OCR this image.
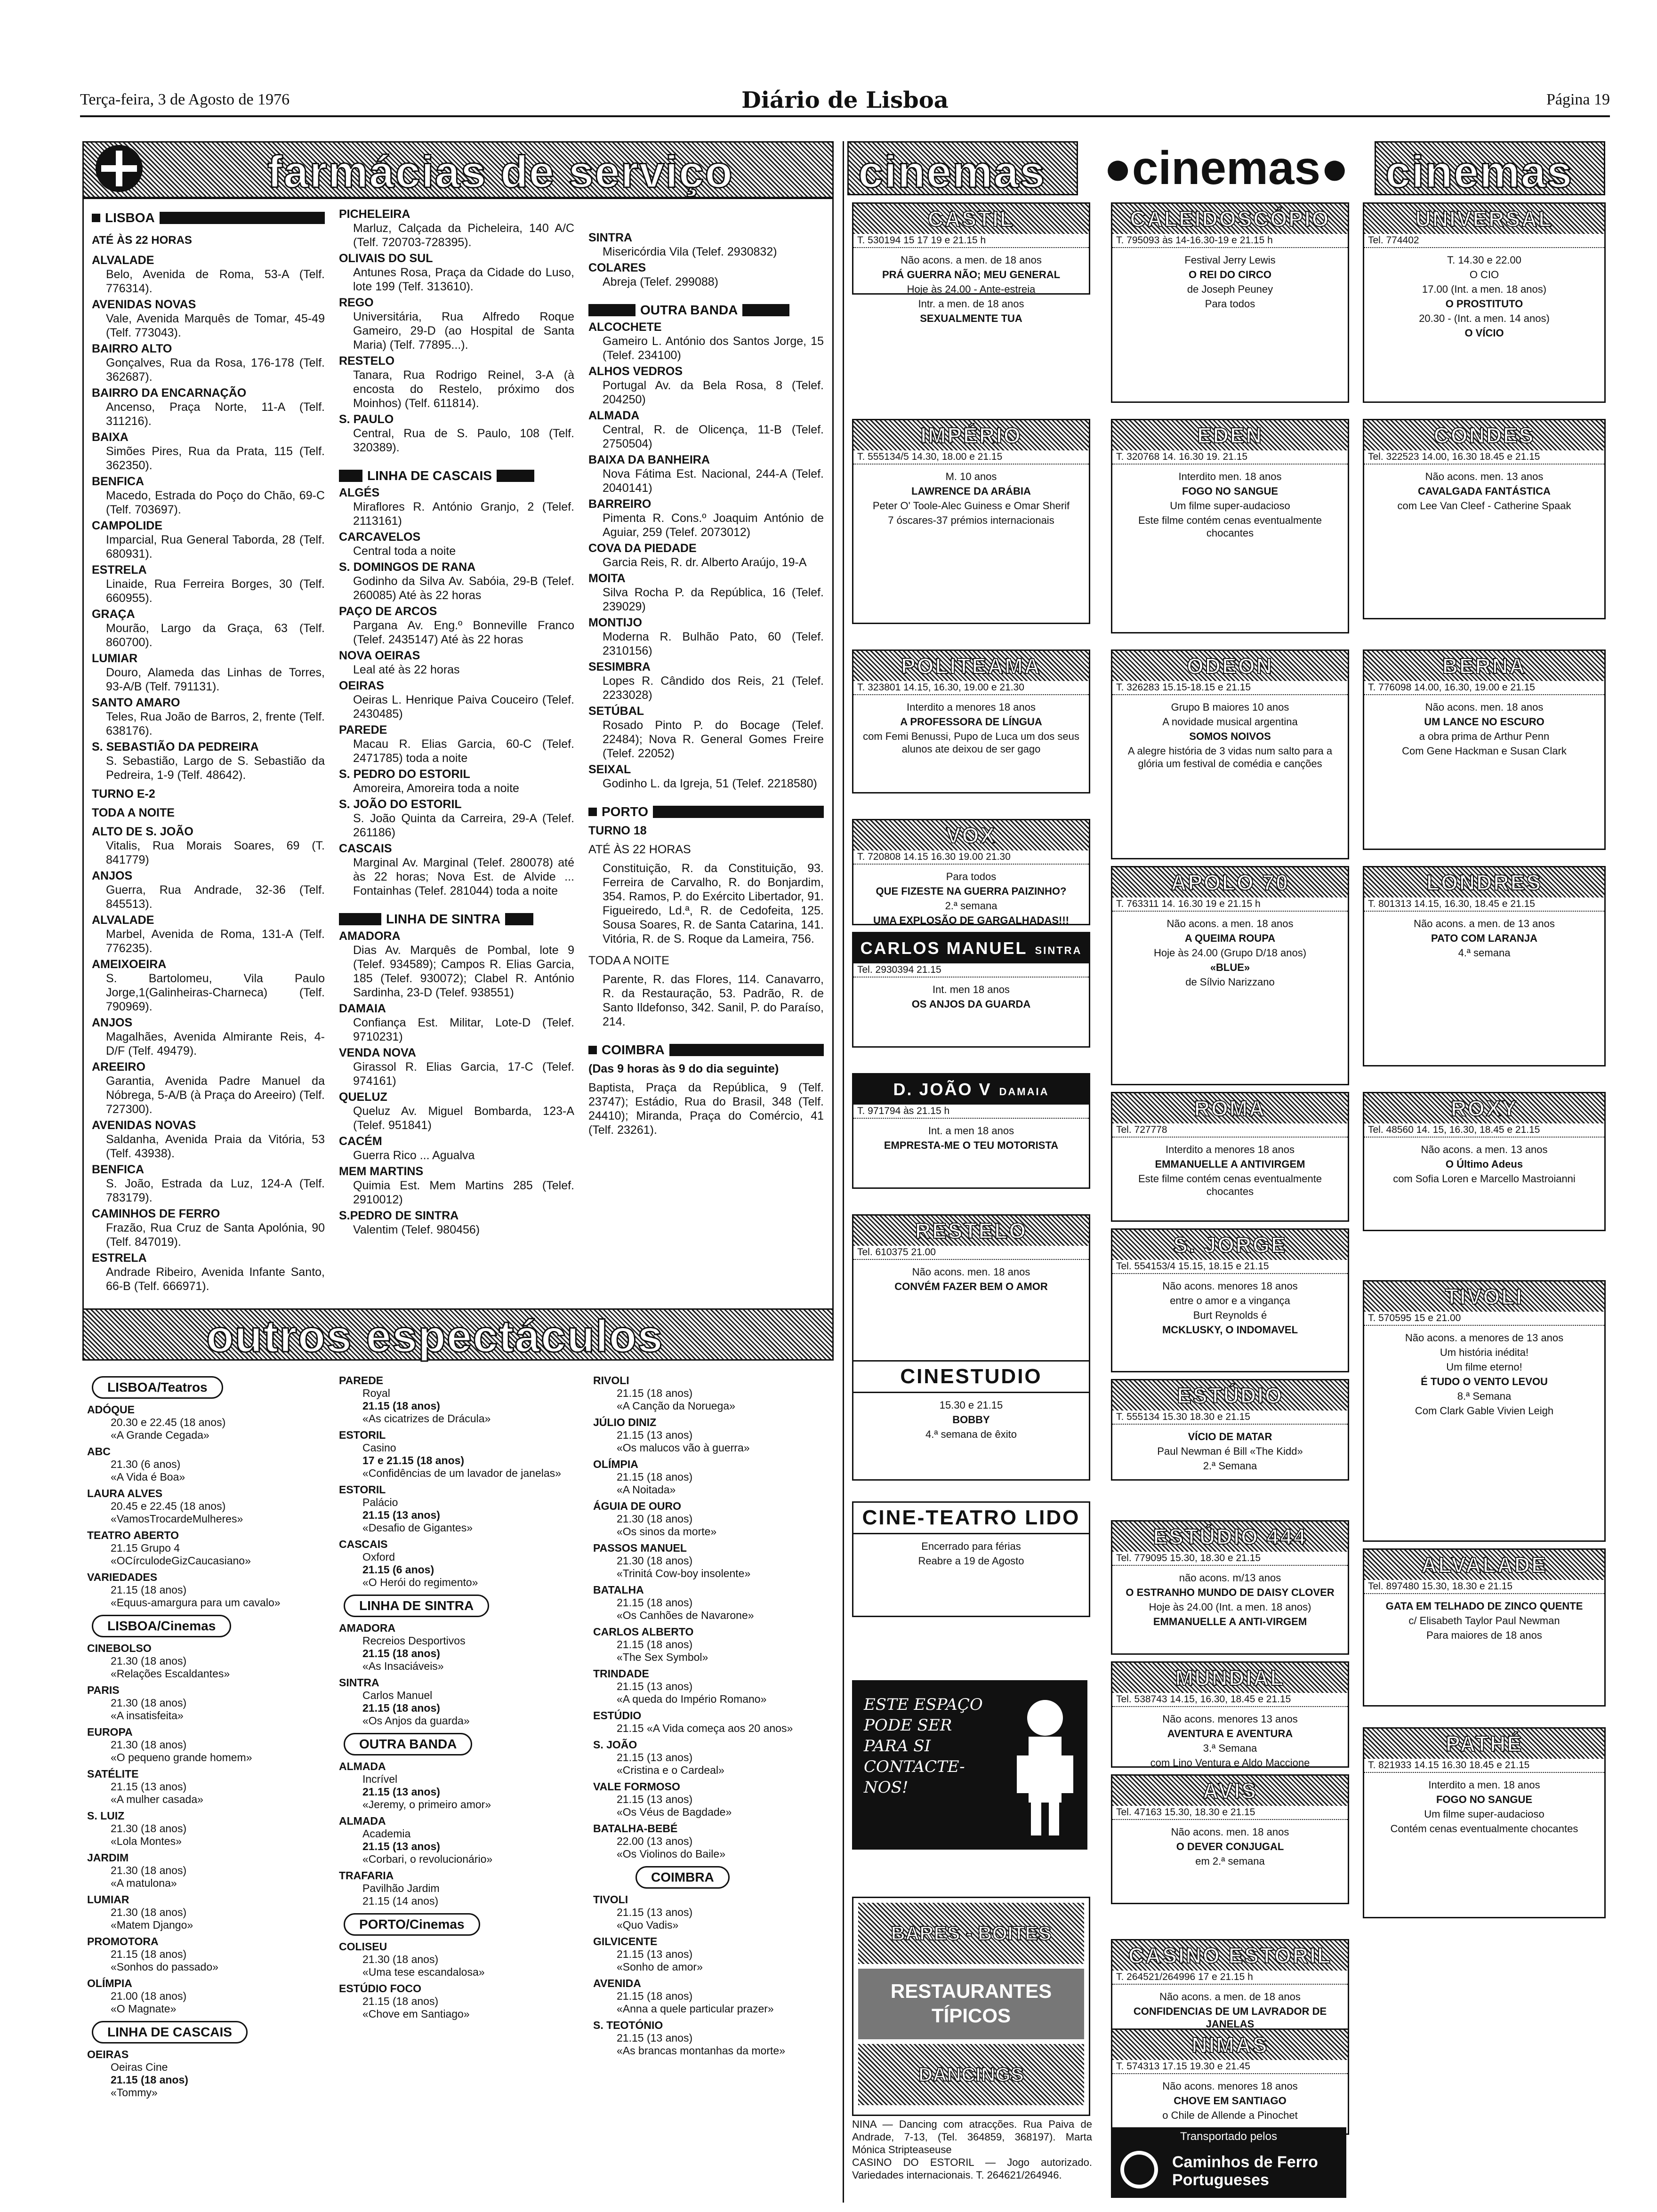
Terça-feira, 3 de Agosto de 1976	Diário de Lisboa	Página 19
farmácias de serviço
LISBOA
ATÉ ÀS 22 HORAS
ALVALADE
Belo, Avenida de Roma, 53-A (Telf. 776314).
AVENIDAS NOVAS
Vale, Avenida Marquês de Tomar, 45-49 (Telf. 773043).
BAIRRO ALTO
Gonçalves, Rua da Rosa, 176-178 (Telf. 362687).
BAIRRO DA ENCARNAÇÃO
Ancenso, Praça Norte, 11-A (Telf. 311216).
BAIXA
Simões Pires, Rua da Prata, 115 (Telf. 362350).
BENFICA
Macedo, Estrada do Poço do Chão, 69-C (Telf. 703697).
CAMPOLIDE
Imparcial, Rua General Taborda, 28 (Telf. 680931).
ESTRELA
Linaide, Rua Ferreira Borges, 30 (Telf. 660955).
GRAÇA
Mourão, Largo da Graça, 63 (Telf. 860700).
LUMIAR
Douro, Alameda das Linhas de Torres, 93-A/B (Telf. 791131).
SANTO AMARO
Teles, Rua João de Barros, 2, frente (Telf. 638176).
S. SEBASTIÃO DA PEDREIRA
S. Sebastião, Largo de S. Sebastião da Pedreira, 1-9 (Telf. 48642).
TURNO E-2
TODA A NOITE
ALTO DE S. JOÃO
Vitalis, Rua Morais Soares, 69 (T. 841779)
ANJOS
Guerra, Rua Andrade, 32-36 (Telf. 845513).
ALVALADE
Marbel, Avenida de Roma, 131-A (Telf. 776235).
AMEIXOEIRA
S. Bartolomeu, Vila Paulo Jorge,1(Galinheiras-Charneca) (Telf. 790969).
ANJOS
Magalhães, Avenida Almirante Reis, 4-D/F (Telf. 49479).
AREEIRO
Garantia, Avenida Padre Manuel da Nóbrega, 5-A/B (à Praça do Areeiro) (Telf. 727300).
AVENIDAS NOVAS
Saldanha, Avenida Praia da Vitória, 53 (Telf. 43938).
BENFICA
S. João, Estrada da Luz, 124-A (Telf. 783179).
CAMINHOS DE FERRO
Frazão, Rua Cruz de Santa Apolónia, 90 (Telf. 847019).
ESTRELA
Andrade Ribeiro, Avenida Infante Santo, 66-B (Telf. 666971).
PICHELEIRA
Marluz, Calçada da Picheleira, 140 A/C (Telf. 720703-728395).
OLIVAIS DO SUL
Antunes Rosa, Praça da Cidade do Luso, lote 199 (Telf. 313610).
REGO
Universitária, Rua Alfredo Roque Gameiro, 29-D (ao Hospital de Santa Maria) (Telf. 77895...).
RESTELO
Tanara, Rua Rodrigo Reinel, 3-A (à encosta do Restelo, próximo dos Moinhos) (Telf. 611814).
S. PAULO
Central, Rua de S. Paulo, 108 (Telf. 320389).
LINHA DE CASCAIS
ALGÉS
Miraflores R. António Granjo, 2 (Telef. 2113161)
CARCAVELOS
Central toda a noite
S. DOMINGOS DE RANA
Godinho da Silva Av. Sabóia, 29-B (Telef. 260085) Até às 22 horas
PAÇO DE ARCOS
Pargana Av. Eng.º Bonneville Franco (Telef. 2435147) Até às 22 horas
NOVA OEIRAS
Leal até às 22 horas
OEIRAS
Oeiras L. Henrique Paiva Couceiro (Telef. 2430485)
PAREDE
Macau R. Elias Garcia, 60-C (Telef. 2471785) toda a noite
S. PEDRO DO ESTORIL
Amoreira, Amoreira toda a noite
S. JOÃO DO ESTORIL
S. João Quinta da Carreira, 29-A (Telef. 261186)
CASCAIS
Marginal Av. Marginal (Telef. 280078) até às 22 horas; Nova Est. de Alvide ... Fontainhas (Telef. 281044) toda a noite
LINHA DE SINTRA
AMADORA
Dias Av. Marquês de Pombal, lote 9 (Telef. 934589); Campos R. Elias Garcia, 185 (Telef. 930072); Clabel R. António Sardinha, 23-D (Telef. 938551)
DAMAIA
Confiança Est. Militar, Lote-D (Telef. 9710231)
VENDA NOVA
Girassol R. Elias Garcia, 17-C (Telef. 974161)
QUELUZ
Queluz Av. Miguel Bombarda, 123-A (Telef. 951841)
CACÉM
Guerra Rico ... Agualva
MEM MARTINS
Quimia Est. Mem Martins 285 (Telef. 2910012)
S.PEDRO DE SINTRA
Valentim (Telef. 980456)
SINTRA
Misericórdia Vila (Telef. 2930832)
COLARES
Abreja (Telef. 299088)
OUTRA BANDA
ALCOCHETE
Gameiro L. António dos Santos Jorge, 15 (Telef. 234100)
ALHOS VEDROS
Portugal Av. da Bela Rosa, 8 (Telef. 204250)
ALMADA
Central, R. de Olicença, 11-B (Telef. 2750504)
BAIXA DA BANHEIRA
Nova Fátima Est. Nacional, 244-A (Telef. 2040141)
BARREIRO
Pimenta R. Cons.º Joaquim António de Aguiar, 259 (Telef. 2073012)
COVA DA PIEDADE
Garcia Reis, R. dr. Alberto Araújo, 19-A
MOITA
Silva Rocha P. da República, 16 (Telef. 239029)
MONTIJO
Moderna R. Bulhão Pato, 60 (Telef. 2310156)
SESIMBRA
Lopes R. Cândido dos Reis, 21 (Telef. 2233028)
SETÚBAL
Rosado Pinto P. do Bocage (Telef. 22484); Nova R. General Gomes Freire (Telef. 22052)
SEIXAL
Godinho L. da Igreja, 51 (Telef. 2218580)
PORTO
TURNO 18
ATÉ ÀS 22 HORAS
Constituição, R. da Constituição, 93. Ferreira de Carvalho, R. do Bonjardim, 354. Ramos, P. do Exército Libertador, 91. Figueiredo, Ld.ª, R. de Cedofeita, 125. Sousa Soares, R. de Santa Catarina, 141. Vitória, R. de S. Roque da Lameira, 756.
TODA A NOITE
Parente, R. das Flores, 114. Canavarro, R. da Restauração, 53. Padrão, R. de Santo Ildefonso, 342. Sanil, P. do Paraíso, 214.
COIMBRA
(Das 9 horas às 9 do dia seguinte)
Baptista, Praça da República, 9 (Telf. 23747); Estádio, Rua do Brasil, 348 (Telf. 24410); Miranda, Praça do Comércio, 41 (Telf. 23261).
outros espectáculos
LISBOA/Teatros
ADÓQUE
20.30 e 22.45 (18 anos)
«A Grande Cegada»
ABC
21.30 (6 anos)
«A Vida é Boa»
LAURA ALVES
20.45 e 22.45 (18 anos)
«VamosTrocardeMulheres»
TEATRO ABERTO
21.15 Grupo 4
«OCírculodeGizCaucasiano»
VARIEDADES
21.15 (18 anos)
«Equus-amargura para um cavalo»
LISBOA/Cinemas
CINEBOLSO
21.30 (18 anos)
«Relações Escaldantes»
PARIS
21.30 (18 anos)
«A insatisfeita»
EUROPA
21.30 (18 anos)
«O pequeno grande homem»
SATÉLITE
21.15 (13 anos)
«A mulher casada»
S. LUIZ
21.30 (18 anos)
«Lola Montes»
JARDIM
21.30 (18 anos)
«A matulona»
LUMIAR
21.30 (18 anos)
«Matem Django»
PROMOTORA
21.15 (18 anos)
«Sonhos do passado»
OLÍMPIA
21.00 (18 anos)
«O Magnate»
LINHA DE CASCAIS
OEIRAS
Oeiras Cine
21.15 (18 anos)
«Tommy»
PAREDE
Royal
21.15 (18 anos)
«As cicatrizes de Drácula»
ESTORIL
Casino
17 e 21.15 (18 anos)
«Confidências de um lavador de janelas»
ESTORIL
Palácio
21.15 (13 anos)
«Desafio de Gigantes»
CASCAIS
Oxford
21.15 (6 anos)
«O Herói do regimento»
LINHA DE SINTRA
AMADORA
Recreios Desportivos
21.15 (18 anos)
«As Insaciáveis»
SINTRA
Carlos Manuel
21.15 (18 anos)
«Os Anjos da guarda»
OUTRA BANDA
ALMADA
Incrível
21.15 (13 anos)
«Jeremy, o primeiro amor»
ALMADA
Academia
21.15 (13 anos)
«Corbari, o revolucionário»
TRAFARIA
Pavilhão Jardim
21.15 (14 anos)
PORTO/Cinemas
COLISEU
21.30 (18 anos)
«Uma tese escandalosa»
ESTÚDIO FOCO
21.15 (18 anos)
«Chove em Santiago»
RIVOLI
21.15 (18 anos)
«A Canção da Noruega»
JÚLIO DINIZ
21.15 (13 anos)
«Os malucos vão à guerra»
OLÍMPIA
21.15 (18 anos)
«A Noitada»
ÁGUIA DE OURO
21.30 (18 anos)
«Os sinos da morte»
PASSOS MANUEL
21.30 (18 anos)
«Trinitá Cow-boy insolente»
BATALHA
21.15 (18 anos)
«Os Canhões de Navarone»
CARLOS ALBERTO
21.15 (18 anos)
«The Sex Symbol»
TRINDADE
21.15 (13 anos)
«A queda do Império Romano»
ESTÚDIO
21.15 «A Vida começa aos 20 anos»
S. JOÃO
21.15 (13 anos)
«Cristina e o Cardeal»
VALE FORMOSO
21.15 (13 anos)
«Os Véus de Bagdade»
BATALHA-BEBÉ
22.00 (13 anos)
«Os Violinos do Baile»
COIMBRA
TIVOLI
21.15 (13 anos)
«Quo Vadis»
GILVICENTE
21.15 (13 anos)
«Sonho de amor»
AVENIDA
21.15 (18 anos)
«Anna a quele particular prazer»
S. TEOTÓNIO
21.15 (13 anos)
«As brancas montanhas da morte»
cinemas	●cinemas● cinemas
CASTIL
T. 530194 15 17 19 e 21.15 h
Não acons. a men. de 18 anos
PRÁ GUERRA NÃO; MEU GENERAL
Hoje às 24.00 - Ante-estreia
Intr. a men. de 18 anos
SEXUALMENTE TUA
CALEIDOSCÓPIO
T. 795093 às 14-16.30-19 e 21.15 h
Festival Jerry Lewis
O REI DO CIRCO
de Joseph Peuney
Para todos
UNIVERSAL
Tel. 774402
T. 14.30 e 22.00
O CIO
17.00 (Int. a men. 18 anos)
O PROSTITUTO
20.30 - (Int. a men. 14 anos)
O VÍCIO
IMPÉRIO
T. 555134/5 14.30, 18.00 e 21.15
M. 10 anos
LAWRENCE DA ARÁBIA
Peter O' Toole-Alec Guiness e Omar Sherif
7 óscares-37 prémios internacionais
EDEN
T. 320768 14. 16.30 19. 21.15
Interdito men. 18 anos
FOGO NO SANGUE
Um filme super-audacioso
Este filme contém cenas eventualmente chocantes
CONDES
Tel. 322523 14.00, 16.30 18.45 e 21.15
Não acons. men. 13 anos
CAVALGADA FANTÁSTICA
com Lee Van Cleef - Catherine Spaak
POLITEAMA
T. 323801 14.15, 16.30, 19.00 e 21.30
Interdito a menores 18 anos
A PROFESSORA DE LÍNGUA
com Femi Benussi, Pupo de Luca um dos seus alunos ate deixou de ser gago
ODEON
T. 326283 15.15-18.15 e 21.15
Grupo B maiores 10 anos
A novidade musical argentina
SOMOS NOIVOS
A alegre história de 3 vidas num salto para a glória um festival de comédia e canções
BERNA
T. 776098 14.00, 16.30, 19.00 e 21.15
Não acons. men. 18 anos
UM LANCE NO ESCURO
a obra prima de Arthur Penn
Com Gene Hackman e Susan Clark
VOX
T. 720808 14.15 16.30 19.00 21.30
Para todos
QUE FIZESTE NA GUERRA PAIZINHO?
2.ª semana
UMA EXPLOSÃO DE GARGALHADAS!!!
APOLO 70
T. 763311 14. 16.30 19 e 21.15 h
Não acons. a men. 18 anos
A QUEIMA ROUPA
Hoje às 24.00 (Grupo D/18 anos)
«BLUE»
de Sílvio Narizzano
LONDRES
T. 801313 14.15, 16.30, 18.45 e 21.15
Não acons. a men. de 13 anos
PATO COM LARANJA
4.ª semana
CARLOS MANUEL SINTRA
Tel. 2930394 21.15
Int. men 18 anos
OS ANJOS DA GUARDA
D. JOÃO V DAMAIA
T. 971794 às 21.15 h
Int. a men 18 anos
EMPRESTA-ME O TEU MOTORISTA
ROMA
Tel. 727778
Interdito a menores 18 anos
EMMANUELLE A ANTIVIRGEM
Este filme contém cenas eventualmente chocantes
ROXY
Tel. 48560 14. 15, 16.30, 18.45 e 21.15
Não acons. a men. 13 anos
O Último Adeus
com Sofia Loren e Marcello Mastroianni
RESTELO
Tel. 610375 21.00
Não acons. men. 18 anos
CONVÉM FAZER BEM O AMOR
S. JORGE
Tel. 554153/4 15.15, 18.15 e 21.15
Não acons. menores 18 anos
entre o amor e a vingança
Burt Reynolds é
MCKLUSKY, O INDOMAVEL
TIVOLI
T. 570595 15 e 21.00
Não acons. a menores de 13 anos
Um história inédita!
Um filme eterno!
É TUDO O VENTO LEVOU
8.ª Semana
Com Clark Gable Vivien Leigh
CINESTUDIO
15.30 e 21.15
BOBBY
4.ª semana de êxito
ESTÚDIO
T. 555134 15.30 18.30 e 21.15
VÍCIO DE MATAR
Paul Newman é Bill «The Kidd»
2.ª Semana
CINE-TEATRO LIDO
Encerrado para férias
Reabre a 19 de Agosto
ESTÚDIO 444
Tel. 779095 15.30, 18.30 e 21.15
não acons. m/13 anos
O ESTRANHO MUNDO DE DAISY CLOVER
Hoje às 24.00 (Int. a men. 18 anos)
EMMANUELLE A ANTI-VIRGEM
ALVALADE
Tel. 897480 15.30, 18.30 e 21.15
GATA EM TELHADO DE ZINCO QUENTE
c/ Elisabeth Taylor Paul Newman
Para maiores de 18 anos
MUNDIAL
Tel. 538743 14.15, 16.30, 18.45 e 21.15
Não acons. menores 13 anos
AVENTURA E AVENTURA
3.ª Semana
com Lino Ventura e Aldo Maccione
AVIS
Tel. 47163 15.30, 18.30 e 21.15
Não acons. men. 18 anos
O DEVER CONJUGAL
em 2.ª semana
PATHÉ
T. 821933 14.15 16.30 18.45 e 21.15
Interdito a men. 18 anos
FOGO NO SANGUE
Um filme super-audacioso
Contém cenas eventualmente chocantes
CASINO ESTORIL
T. 264521/264996 17 e 21.15 h
Não acons. a men. de 18 anos
CONFIDENCIAS DE UM LAVRADOR DE JANELAS
NIMAS
T. 574313 17.15 19.30 e 21.45
Não acons. menores 18 anos
CHOVE EM SANTIAGO
o Chile de Allende a Pinochet
ESTE ESPAÇO PODE SER PARA SI CONTACTE-NOS!
BARES - BOITES
RESTAURANTES TÍPICOS
DANCINGS
NINA — Dancing com atracções. Rua Paiva de Andrade, 7-13, (Tel. 364859, 368197). Marta Mónica Stripteaseuse
CASINO DO ESTORIL — Jogo autorizado. Variedades internacionais. T. 264621/264946.
Transportado pelos
Caminhos de Ferro Portugueses
